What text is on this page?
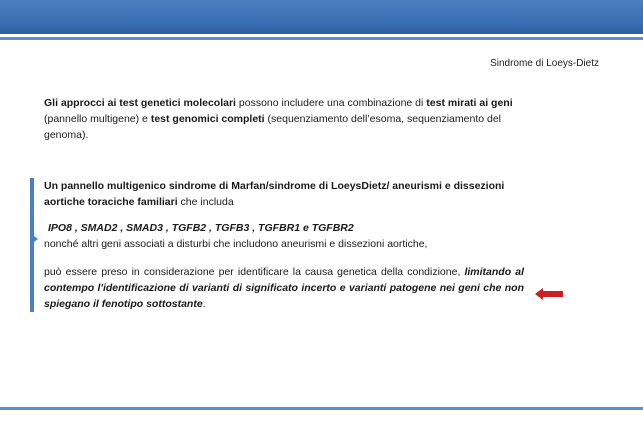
Sindrome di Loeys-Dietz
Gli approcci ai test genetici molecolari possono includere una combinazione di test mirati ai geni (pannello multigene) e test genomici completi (sequenziamento dell’esoma, sequenziamento del genoma).
Un pannello multigenico sindrome di Marfan/sindrome di LoeysDietz/ aneurismi e dissezioni aortiche toraciche familiari che includa
IPO8 , SMAD2 , SMAD3 , TGFB2 , TGFB3 , TGFBR1 e TGFBR2
nonché altri geni associati a disturbi che includono aneurismi e dissezioni aortiche,
può essere preso in considerazione per identificare la causa genetica della condizione, limitando al contempo l'identificazione di varianti di significato incerto e varianti patogene nei geni che non spiegano il fenotipo sottostante.
